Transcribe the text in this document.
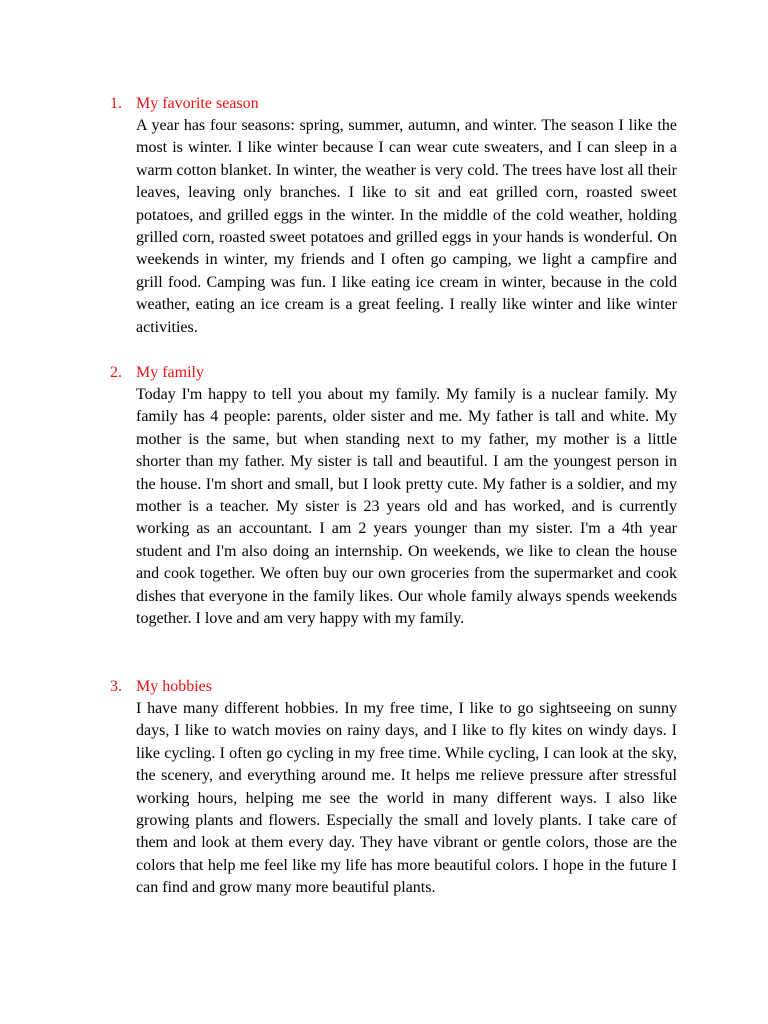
1. My favorite season
A year has four seasons: spring, summer, autumn, and winter. The season I like the most is winter. I like winter because I can wear cute sweaters, and I can sleep in a warm cotton blanket. In winter, the weather is very cold. The trees have lost all their leaves, leaving only branches. I like to sit and eat grilled corn, roasted sweet potatoes, and grilled eggs in the winter. In the middle of the cold weather, holding grilled corn, roasted sweet potatoes and grilled eggs in your hands is wonderful. On weekends in winter, my friends and I often go camping, we light a campfire and grill food. Camping was fun. I like eating ice cream in winter, because in the cold weather, eating an ice cream is a great feeling. I really like winter and like winter activities.
2. My family
Today I'm happy to tell you about my family. My family is a nuclear family. My family has 4 people: parents, older sister and me. My father is tall and white. My mother is the same, but when standing next to my father, my mother is a little shorter than my father. My sister is tall and beautiful. I am the youngest person in the house. I'm short and small, but I look pretty cute. My father is a soldier, and my mother is a teacher. My sister is 23 years old and has worked, and is currently working as an accountant. I am 2 years younger than my sister. I'm a 4th year student and I'm also doing an internship. On weekends, we like to clean the house and cook together. We often buy our own groceries from the supermarket and cook dishes that everyone in the family likes. Our whole family always spends weekends together. I love and am very happy with my family.
3. My hobbies
I have many different hobbies. In my free time, I like to go sightseeing on sunny days, I like to watch movies on rainy days, and I like to fly kites on windy days. I like cycling. I often go cycling in my free time. While cycling, I can look at the sky, the scenery, and everything around me. It helps me relieve pressure after stressful working hours, helping me see the world in many different ways. I also like growing plants and flowers. Especially the small and lovely plants. I take care of them and look at them every day. They have vibrant or gentle colors, those are the colors that help me feel like my life has more beautiful colors. I hope in the future I can find and grow many more beautiful plants.
